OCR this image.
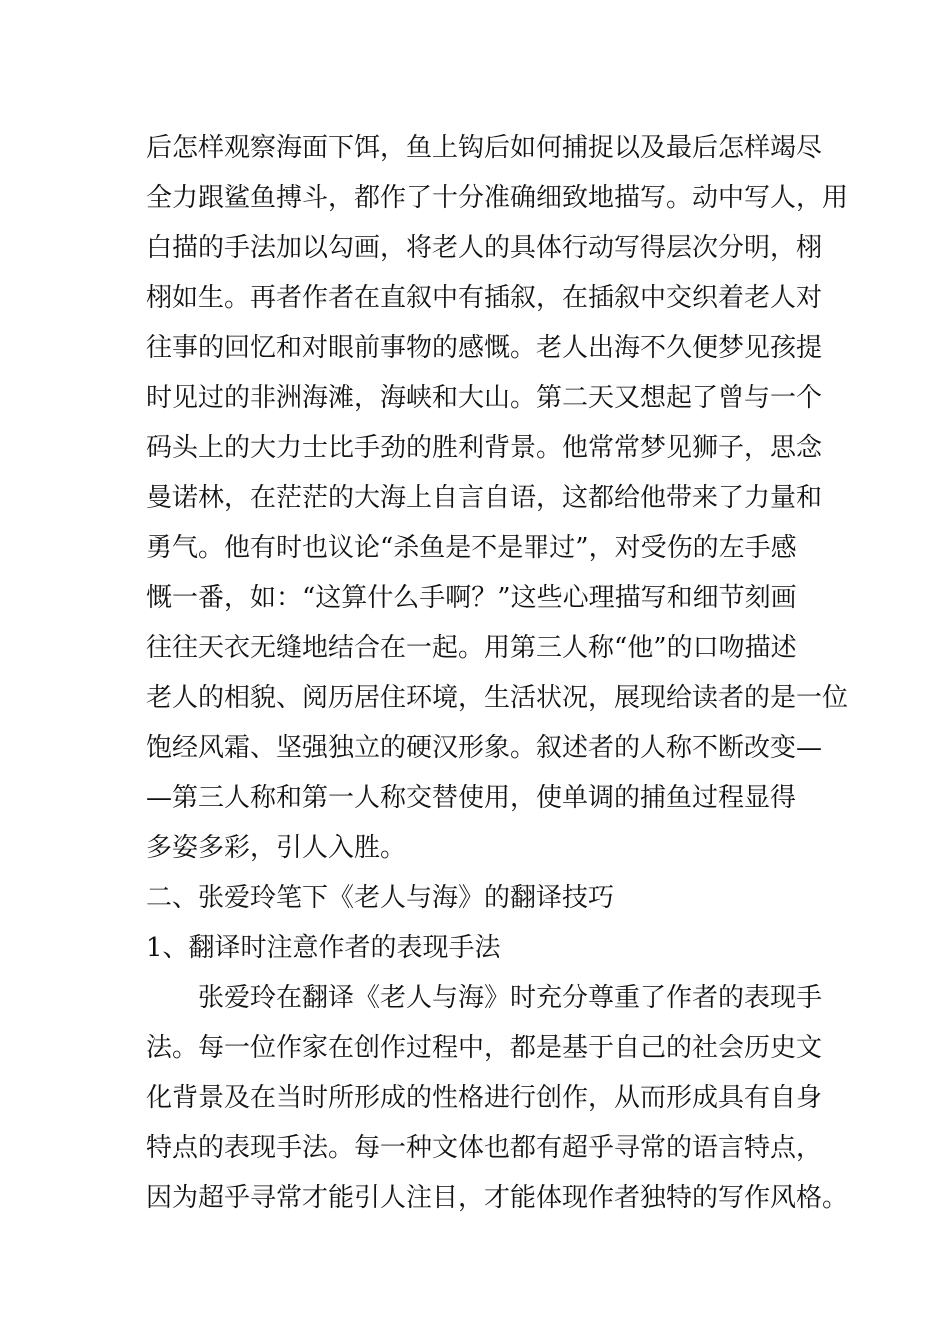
后怎样观察海面下饵，鱼上钩后如何捕捉以及最后怎样竭尽
全力跟鲨鱼搏斗，都作了十分准确细致地描写。动中写人，用
白描的手法加以勾画，将老人的具体行动写得层次分明，栩
栩如生。再者作者在直叙中有插叙，在插叙中交织着老人对
往事的回忆和对眼前事物的感慨。老人出海不久便梦见孩提
时见过的非洲海滩，海峡和大山。第二天又想起了曾与一个
码头上的大力士比手劲的胜利背景。他常常梦见狮子，思念
曼诺林，在茫茫的大海上自言自语，这都给他带来了力量和
勇气。他有时也议论“杀鱼是不是罪过”，对受伤的左手感
慨一番，如：“这算什么手啊？”这些心理描写和细节刻画
往往天衣无缝地结合在一起。用第三人称“他”的口吻描述
老人的相貌、阅历居住环境，生活状况，展现给读者的是一位
饱经风霜、坚强独立的硬汉形象。叙述者的人称不断改变—
—第三人称和第一人称交替使用，使单调的捕鱼过程显得
多姿多彩，引人入胜。
二、张爱玲笔下《老人与海》的翻译技巧
1、翻译时注意作者的表现手法
张爱玲在翻译《老人与海》时充分尊重了作者的表现手
法。每一位作家在创作过程中，都是基于自己的社会历史文
化背景及在当时所形成的性格进行创作，从而形成具有自身
特点的表现手法。每一种文体也都有超乎寻常的语言特点，
因为超乎寻常才能引人注目，才能体现作者独特的写作风格。
